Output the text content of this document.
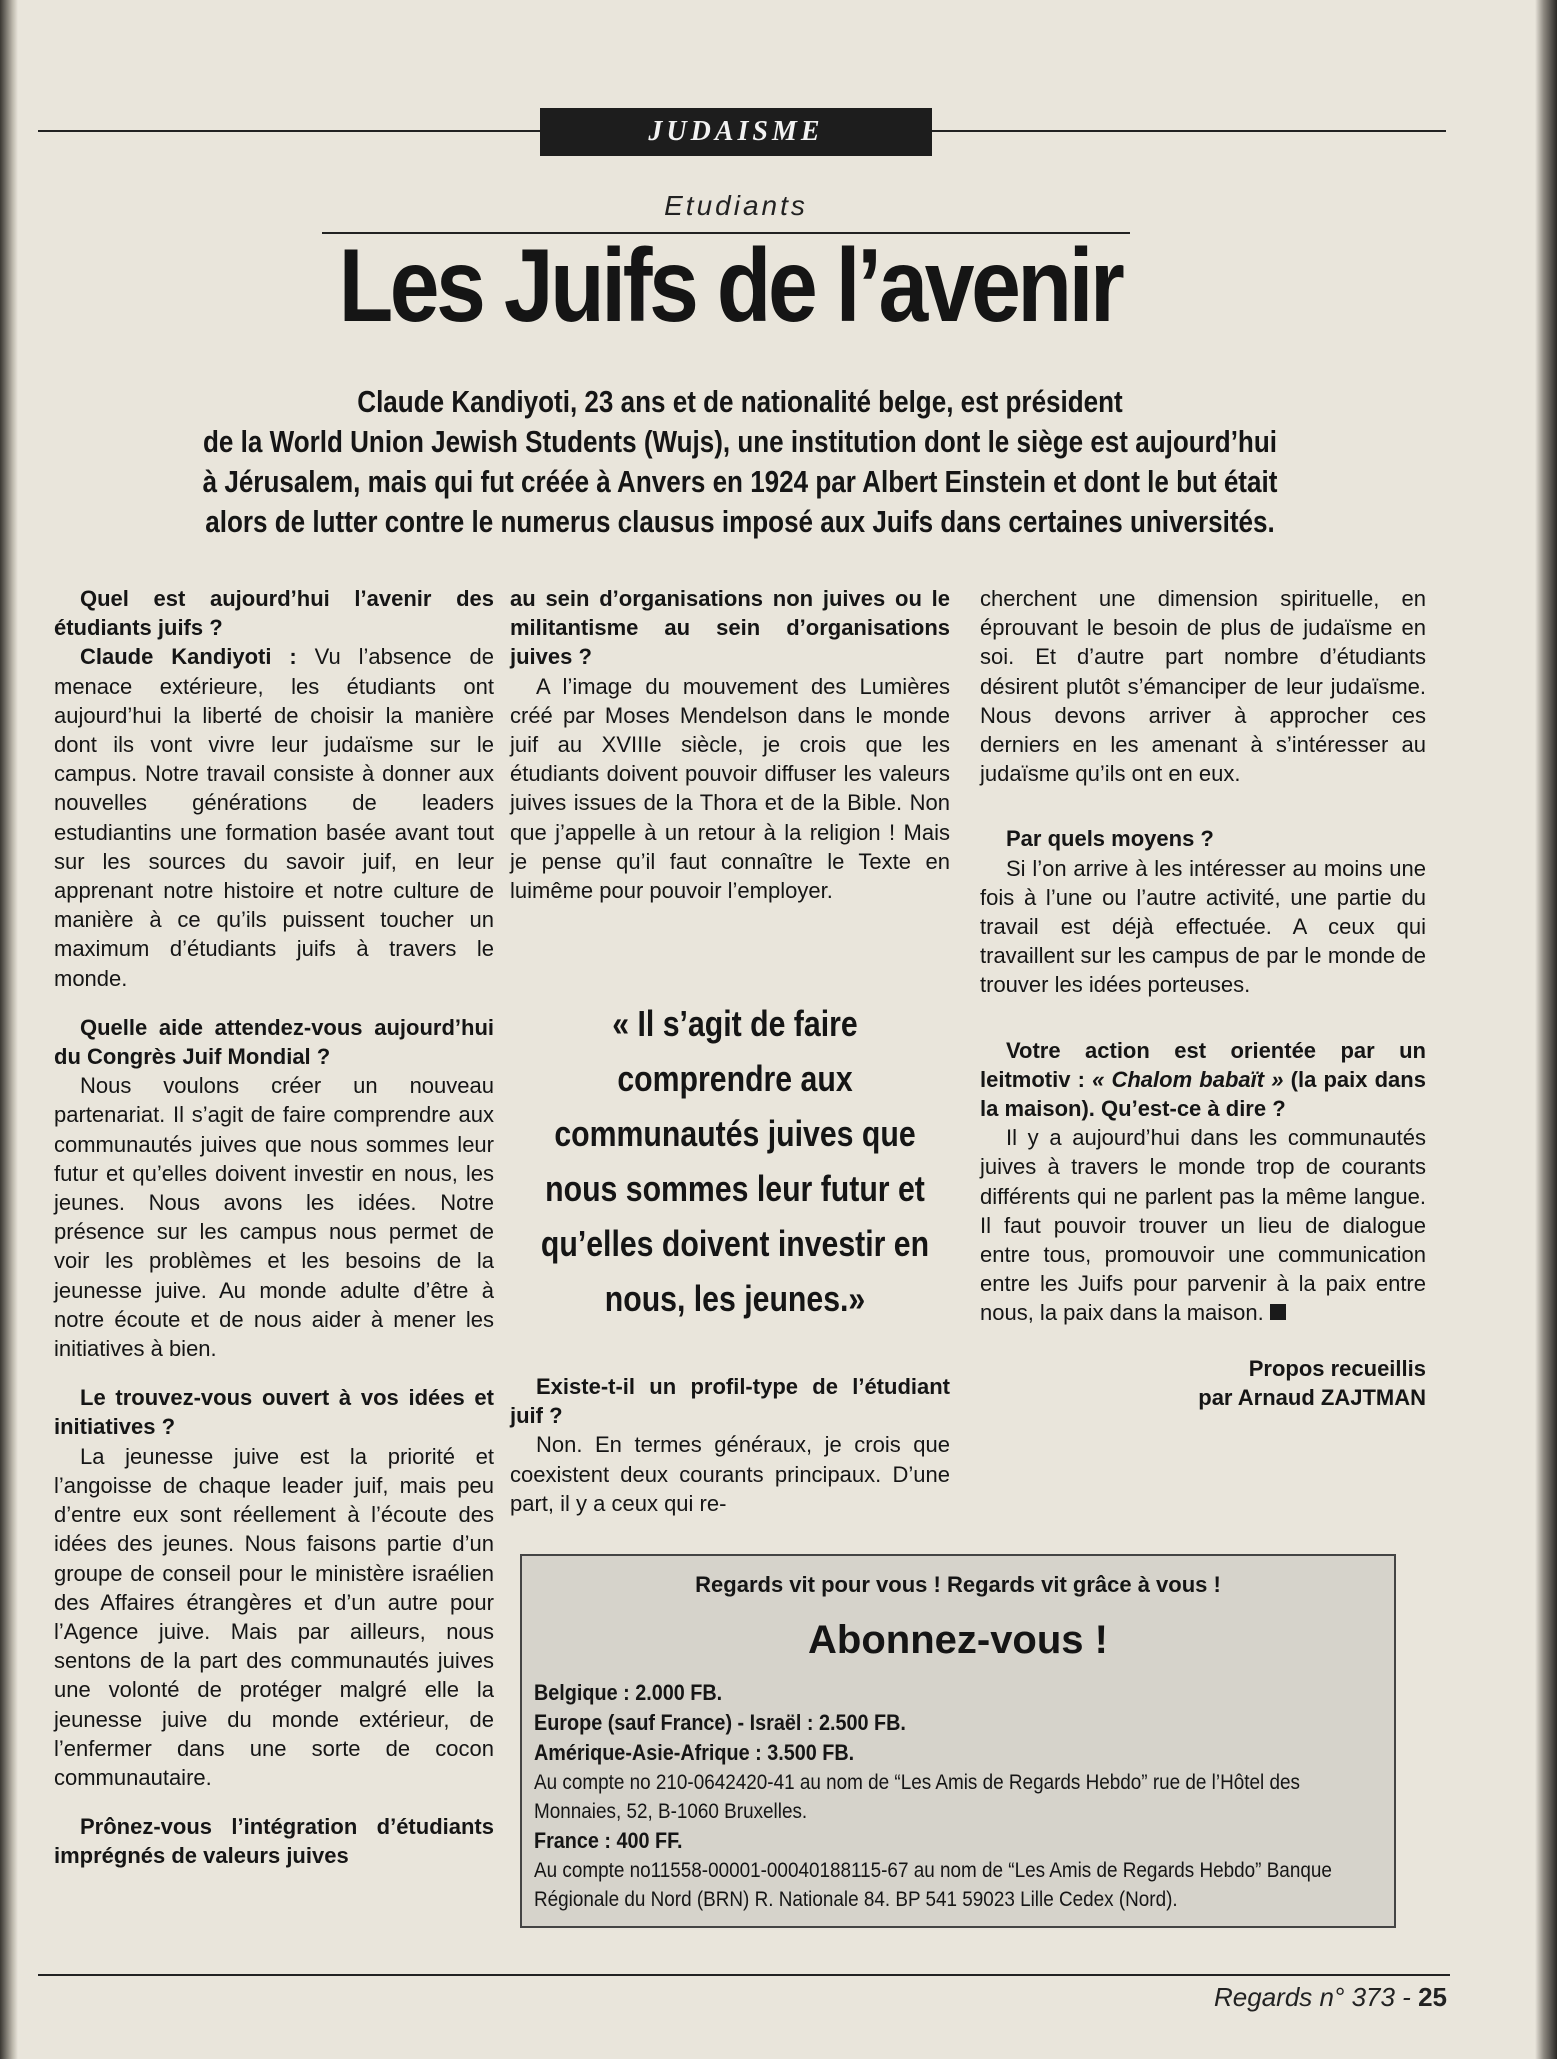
JUDAISME
Etudiants
Les Juifs de l’avenir
Claude Kandiyoti, 23 ans et de nationalité belge, est président
de la World Union Jewish Students (Wujs), une institution dont le siège est aujourd’hui
à Jérusalem, mais qui fut créée à Anvers en 1924 par Albert Einstein et dont le but était
alors de lutter contre le numerus clausus imposé aux Juifs dans certaines universités.

Quel est aujourd’hui l’avenir des étudiants juifs ?

Claude Kandiyoti : Vu l’absence de menace extérieure, les étudiants ont aujourd’hui la liberté de choisir la manière dont ils vont vivre leur judaïsme sur le campus. Notre travail consiste à donner aux nouvelles générations de leaders estudiantins une formation basée avant tout sur les sources du savoir juif, en leur apprenant notre histoire et notre culture de manière à ce qu’ils puissent toucher un maximum d’étudiants juifs à travers le monde.

Quelle aide attendez-vous aujourd’hui du Congrès Juif Mondial ?

Nous voulons créer un nouveau partenariat. Il s’agit de faire comprendre aux communautés juives que nous sommes leur futur et qu’elles doivent investir en nous, les jeunes. Nous avons les idées. Notre présence sur les campus nous permet de voir les problèmes et les besoins de la jeunesse juive. Au monde adulte d’être à notre écoute et de nous aider à mener les initiatives à bien.

Le trouvez-vous ouvert à vos idées et initiatives ?

La jeunesse juive est la priorité et l’angoisse de chaque leader juif, mais peu d’entre eux sont réellement à l’écoute des idées des jeunes. Nous faisons partie d’un groupe de conseil pour le ministère israélien des Affaires étrangères et d’un autre pour l’Agence juive. Mais par ailleurs, nous sentons de la part des communautés juives une volonté de protéger malgré elle la jeunesse juive du monde extérieur, de l’enfermer dans une sorte de cocon communautaire.

Prônez-vous l’intégration d’étudiants imprégnés de valeurs juives

au sein d’organisations non juives ou le militantisme au sein d’organisations juives ?

A l’image du mouvement des Lumières créé par Moses Mendelson dans le monde juif au XVIIIe siècle, je crois que les étudiants doivent pouvoir diffuser les valeurs juives issues de la Thora et de la Bible. Non que j’appelle à un retour à la religion ! Mais je pense qu’il faut connaître le Texte en luimême pour pouvoir l’employer.

« Il s’agit de faire comprendre aux communautés juives que nous sommes leur futur et qu’elles doivent investir en nous, les jeunes.»

Existe-t-il un profil-type de l’étudiant juif ?

Non. En termes généraux, je crois que coexistent deux courants principaux. D’une part, il y a ceux qui re-

cherchent une dimension spirituelle, en éprouvant le besoin de plus de judaïsme en soi. Et d’autre part nombre d’étudiants désirent plutôt s’émanciper de leur judaïsme. Nous devons arriver à approcher ces derniers en les amenant à s’intéresser au judaïsme qu’ils ont en eux.

Par quels moyens ?

Si l’on arrive à les intéresser au moins une fois à l’une ou l’autre activité, une partie du travail est déjà effectuée. A ceux qui travaillent sur les campus de par le monde de trouver les idées porteuses.

Votre action est orientée par un leitmotiv : « Chalom babaït » (la paix dans la maison). Qu’est-ce à dire ?

Il y a aujourd’hui dans les communautés juives à travers le monde trop de courants différents qui ne parlent pas la même langue. Il faut pouvoir trouver un lieu de dialogue entre tous, promouvoir une communication entre les Juifs pour parvenir à la paix entre nous, la paix dans la maison.

Propos recueillis
par Arnaud ZAJTMAN
Regards vit pour vous ! Regards vit grâce à vous !
Abonnez-vous !
Belgique : 2.000 FB.
Europe (sauf France) - Israël : 2.500 FB.
Amérique-Asie-Afrique : 3.500 FB.
Au compte no 210-0642420-41 au nom de “Les Amis de Regards Hebdo” rue de l’Hôtel des Monnaies, 52, B-1060 Bruxelles.
France : 400 FF.
Au compte no11558-00001-00040188115-67 au nom de “Les Amis de Regards Hebdo” Banque Régionale du Nord (BRN) R. Nationale 84. BP 541 59023 Lille Cedex (Nord).
Regards n° 373 - 25
